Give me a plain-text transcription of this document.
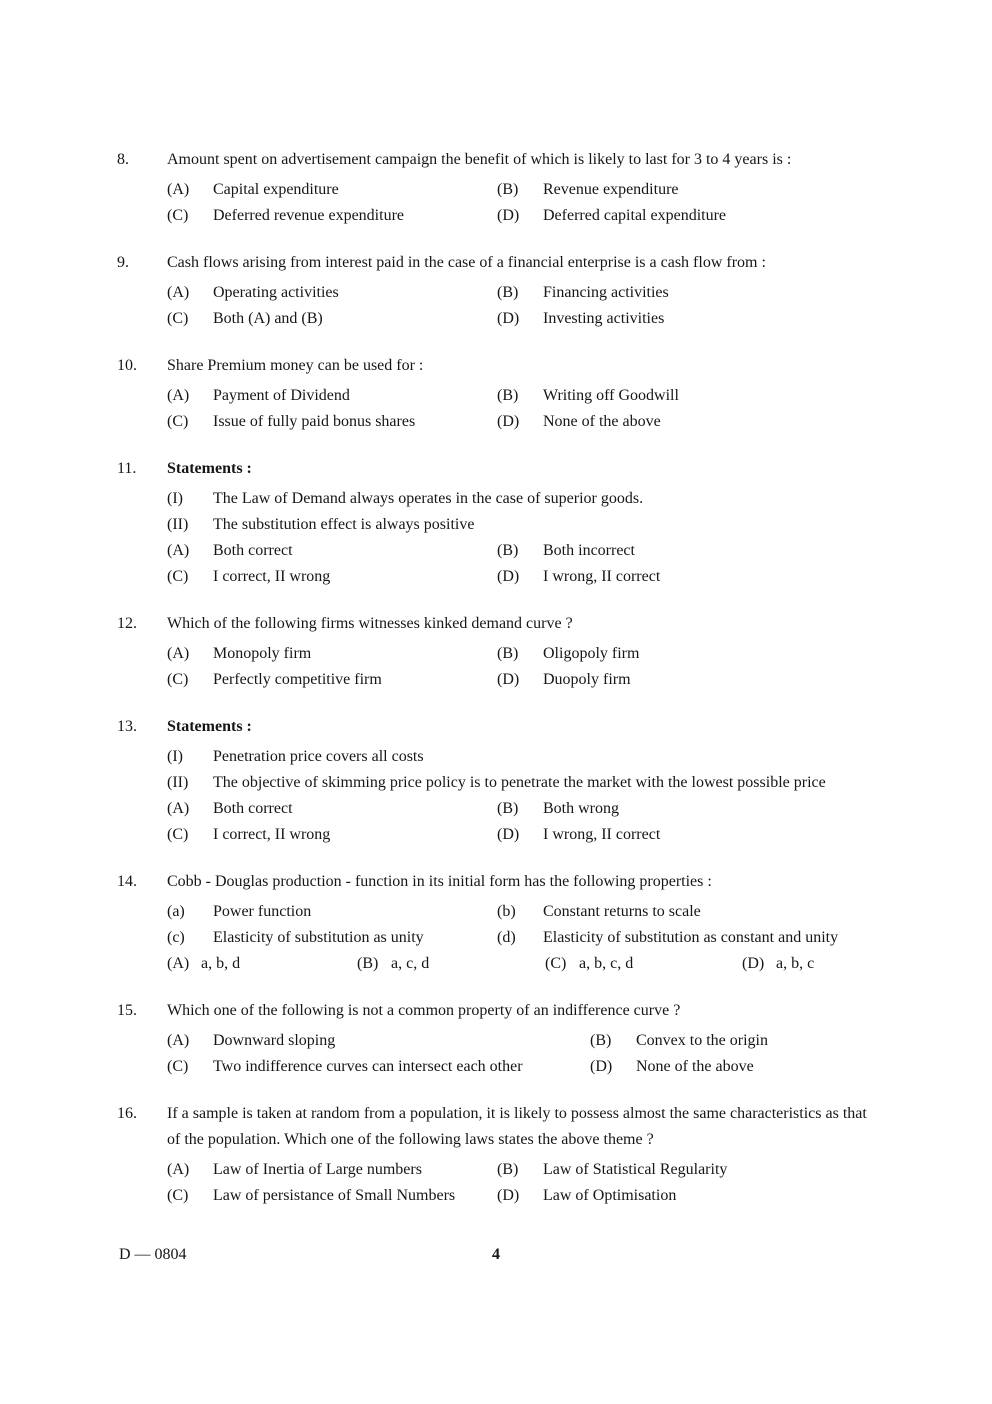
8.	Amount spent on advertisement campaign the benefit of which is likely to last for 3 to 4 years is :
(A)	Capital expenditure	(B)	Revenue expenditure
(C)	Deferred revenue expenditure	(D)	Deferred capital expenditure
9.	Cash flows arising from interest paid in the case of a financial enterprise is a cash flow from :
(A)	Operating activities	(B)	Financing activities
(C)	Both (A) and (B)	(D)	Investing activities
10.	Share Premium money can be used for :
(A)	Payment of Dividend	(B)	Writing off Goodwill
(C)	Issue of fully paid bonus shares	(D)	None of the above
11.	Statements :
(I)	The Law of Demand always operates in the case of superior goods.
(II)	The substitution effect is always positive
(A)	Both correct	(B)	Both incorrect
(C)	I correct, II wrong	(D)	I wrong, II correct
12.	Which of the following firms witnesses kinked demand curve ?
(A)	Monopoly firm	(B)	Oligopoly firm
(C)	Perfectly competitive firm	(D)	Duopoly firm
13.	Statements :
(I)	Penetration price covers all costs
(II)	The objective of skimming price policy is to penetrate the market with the lowest possible price
(A)	Both correct	(B)	Both wrong
(C)	I correct, II wrong	(D)	I wrong, II correct
14.	Cobb - Douglas production - function in its initial form has the following properties :
(a)	Power function	(b)	Constant returns to scale
(c)	Elasticity of substitution as unity	(d)	Elasticity of substitution as constant and unity
(A) a, b, d	(B) a, c, d	(C) a, b, c, d	(D) a, b, c
15.	Which one of the following is not a common property of an indifference curve ?
(A)	Downward sloping	(B)	Convex to the origin
(C)	Two indifference curves can intersect each other	(D)	None of the above
16.	If a sample is taken at random from a population, it is likely to possess almost the same characteristics as that of the population. Which one of the following laws states the above theme ?
(A)	Law of Inertia of Large numbers	(B)	Law of Statistical Regularity
(C)	Law of persistance of Small Numbers	(D)	Law of Optimisation
D — 0804	4
